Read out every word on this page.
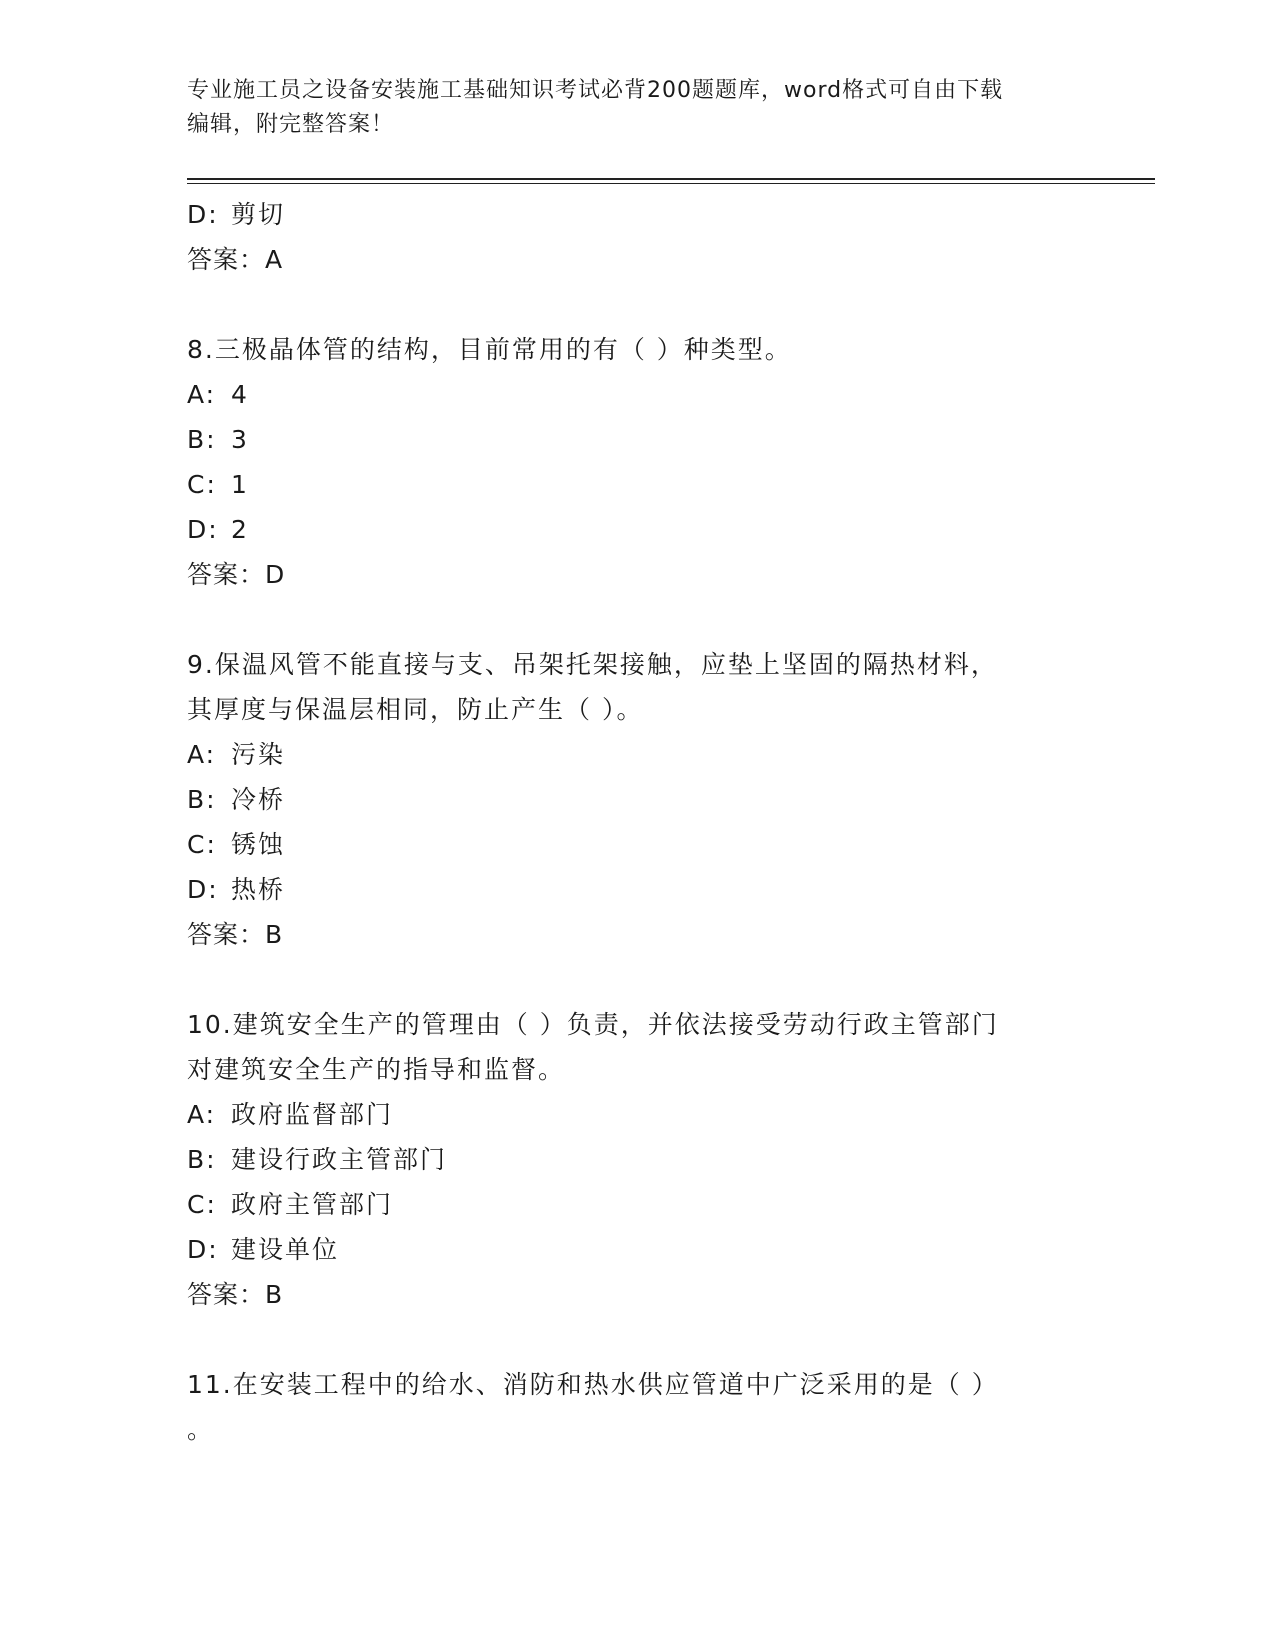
专业施工员之设备安装施工基础知识考试必背200题题库，word格式可自由下载
编辑，附完整答案！
D: 剪切
答案：A
8.三极晶体管的结构，目前常用的有（ ）种类型。
A: 4
B: 3
C: 1
D: 2
答案：D
9.保温风管不能直接与支、吊架托架接触，应垫上坚固的隔热材料，
其厚度与保温层相同，防止产生（ ）。
A: 污染
B: 冷桥
C: 锈蚀
D: 热桥
答案：B
10.建筑安全生产的管理由（ ）负责，并依法接受劳动行政主管部门
对建筑安全生产的指导和监督。
A: 政府监督部门
B: 建设行政主管部门
C: 政府主管部门
D: 建设单位
答案：B
11.在安装工程中的给水、消防和热水供应管道中广泛采用的是（ ）
。
